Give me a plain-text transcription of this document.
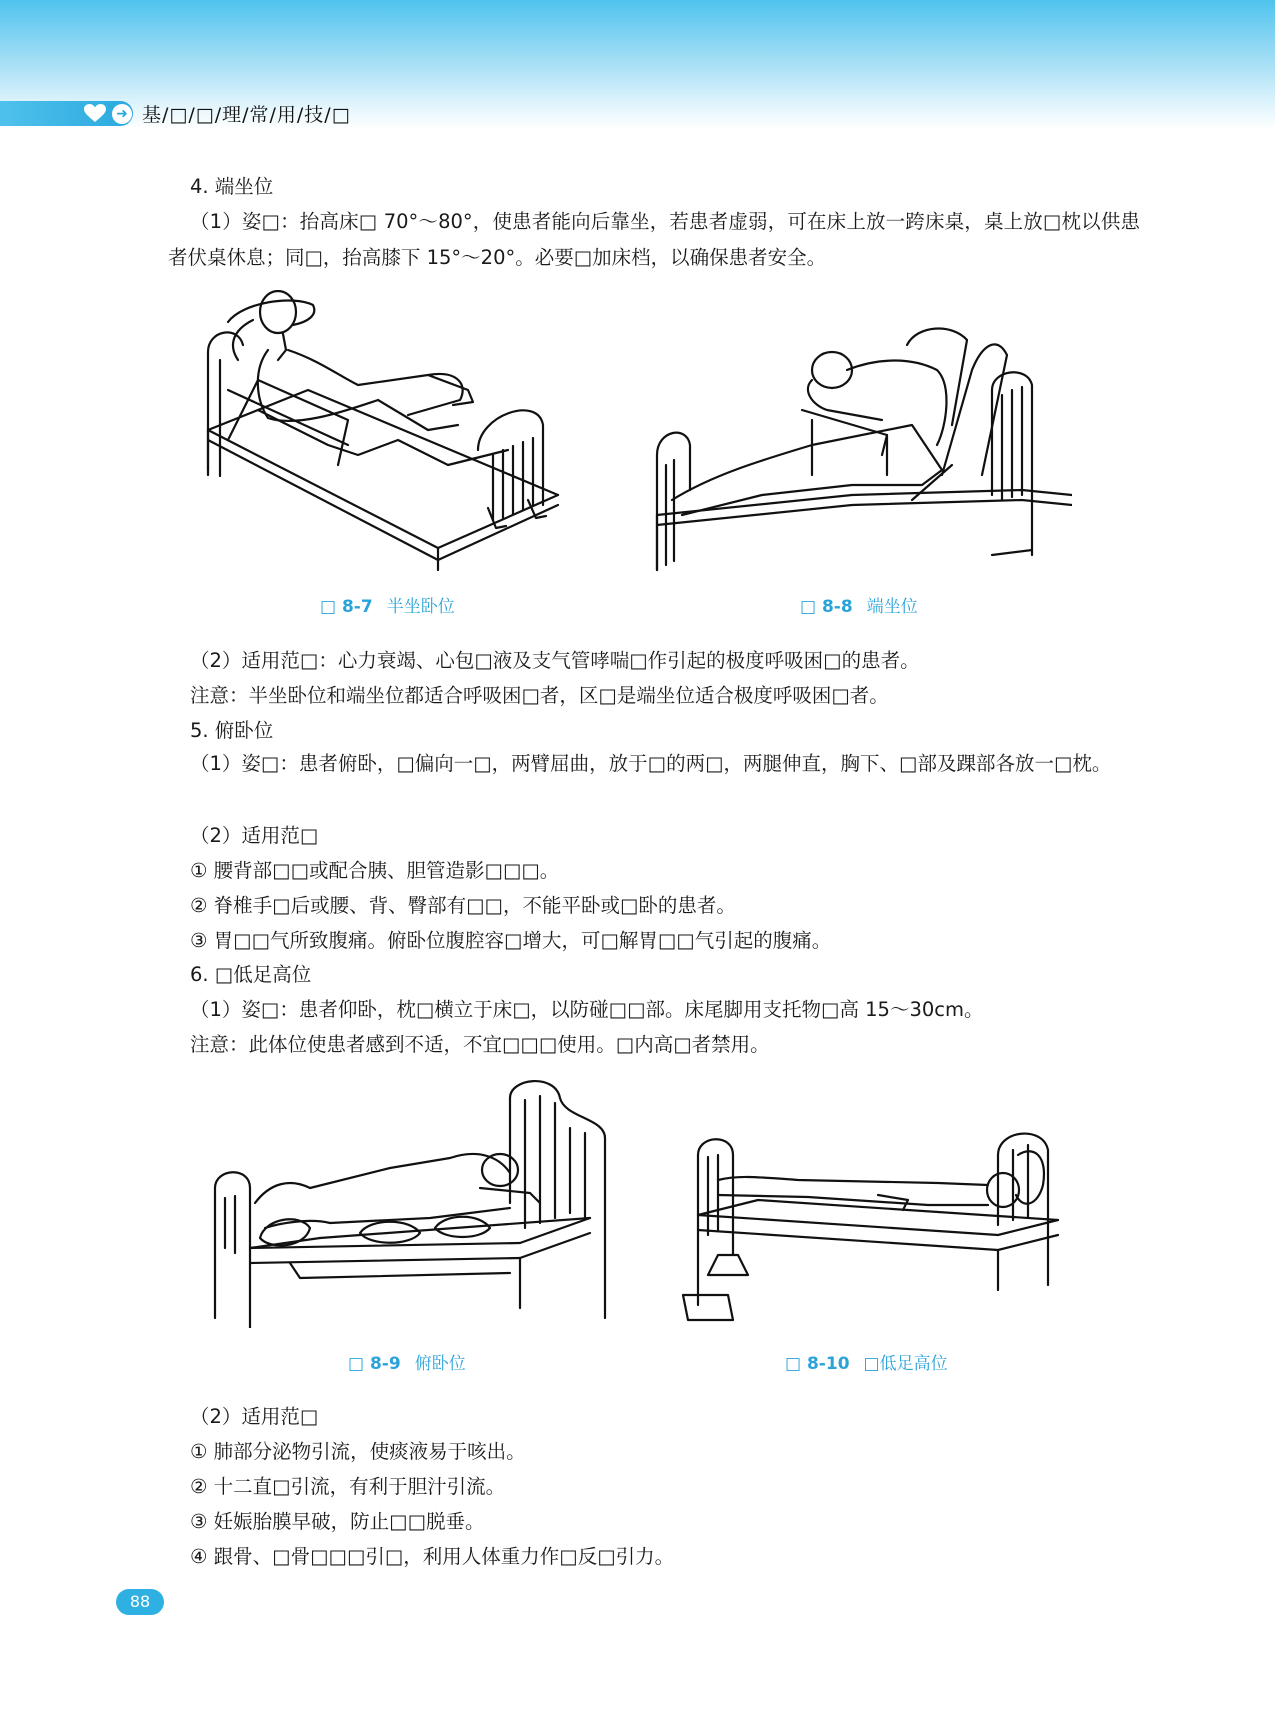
➜ 基/□/□/理/常/用/技/□
4. 端坐位
（1）姿□：抬高床□ 70°～80°，使患者能向后靠坐，若患者虚弱，可在床上放一跨床桌，桌上放□枕以供患者伏桌休息；同□，抬高膝下 15°～20°。必要□加床档，以确保患者安全。
□ 8-7 半坐卧位	□ 8-8 端坐位
（2）适用范□：心力衰竭、心包□液及支气管哮喘□作引起的极度呼吸困□的患者。
注意：半坐卧位和端坐位都适合呼吸困□者，区□是端坐位适合极度呼吸困□者。
5. 俯卧位
（1）姿□：患者俯卧，□偏向一□，两臂屈曲，放于□的两□，两腿伸直，胸下、□部及踝部各放一□枕。
（2）适用范□
① 腰背部□□或配合胰、胆管造影□□□。
② 脊椎手□后或腰、背、臀部有□□，不能平卧或□卧的患者。
③ 胃□□气所致腹痛。俯卧位腹腔容□增大，可□解胃□□气引起的腹痛。
6. □低足高位
（1）姿□：患者仰卧，枕□横立于床□，以防碰□□部。床尾脚用支托物□高 15～30cm。
注意：此体位使患者感到不适，不宜□□□使用。□内高□者禁用。
□ 8-9 俯卧位	□ 8-10 □低足高位
（2）适用范□
① 肺部分泌物引流，使痰液易于咳出。
② 十二直□引流，有利于胆汁引流。
③ 妊娠胎膜早破，防止□□脱垂。
④ 跟骨、□骨□□□引□，利用人体重力作□反□引力。
88
